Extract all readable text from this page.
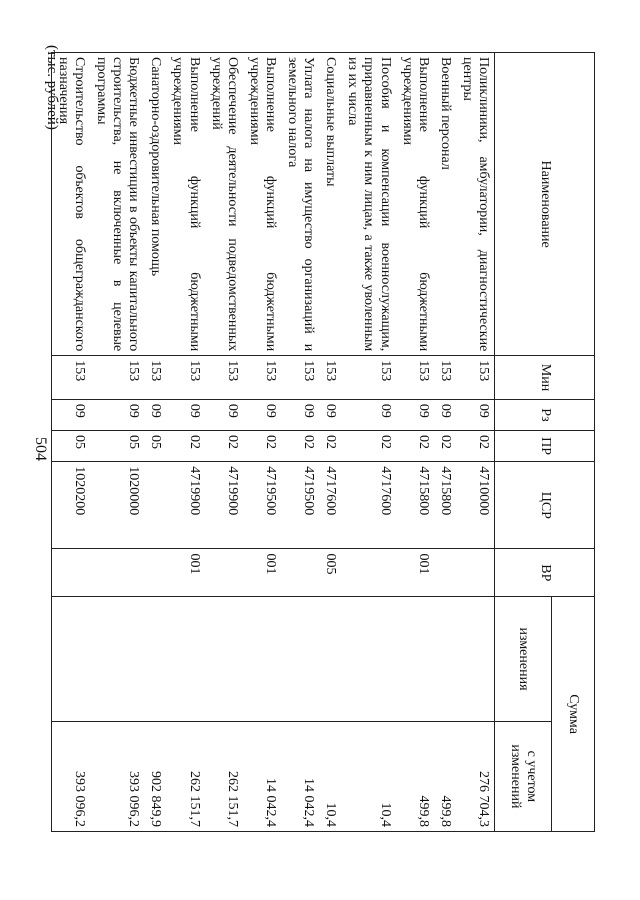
504
(тыс. рублей)
Наименование	Мин	Рз	ПР	ЦСР	ВР	Сумма	
						изменения	с учетом изменений
Поликлиники, амбулатории, диагностические центры	153	09	02	4710000			276 704,3
Военный персонал	153	09	02	4715800			499,8
Выполнение функций бюджетными учреждениями	153	09	02	4715800	001		499,8
Пособия и компенсации военнослужащим, приравненным к ним лицам, а также уволенным из их числа	153	09	02	4717600			10,4
Социальные выплаты	153	09	02	4717600	005		10,4
Уплата налога на имущество организаций и земельного налога	153	09	02	4719500			14 042,4
Выполнение функций бюджетными учреждениями	153	09	02	4719500	001		14 042,4
Обеспечение деятельности подведомственных учреждений	153	09	02	4719900			262 151,7
Выполнение функций бюджетными учреждениями	153	09	02	4719900	001		262 151,7
Санаторно-оздоровительная помощь	153	09	05				902 849,9
Бюджетные инвестиции в объекты капитального строительства, не включенные в целевые программы	153	09	05	1020000			393 096,2
Строительство объектов общегражданского назначения	153	09	05	1020200			393 096,2
